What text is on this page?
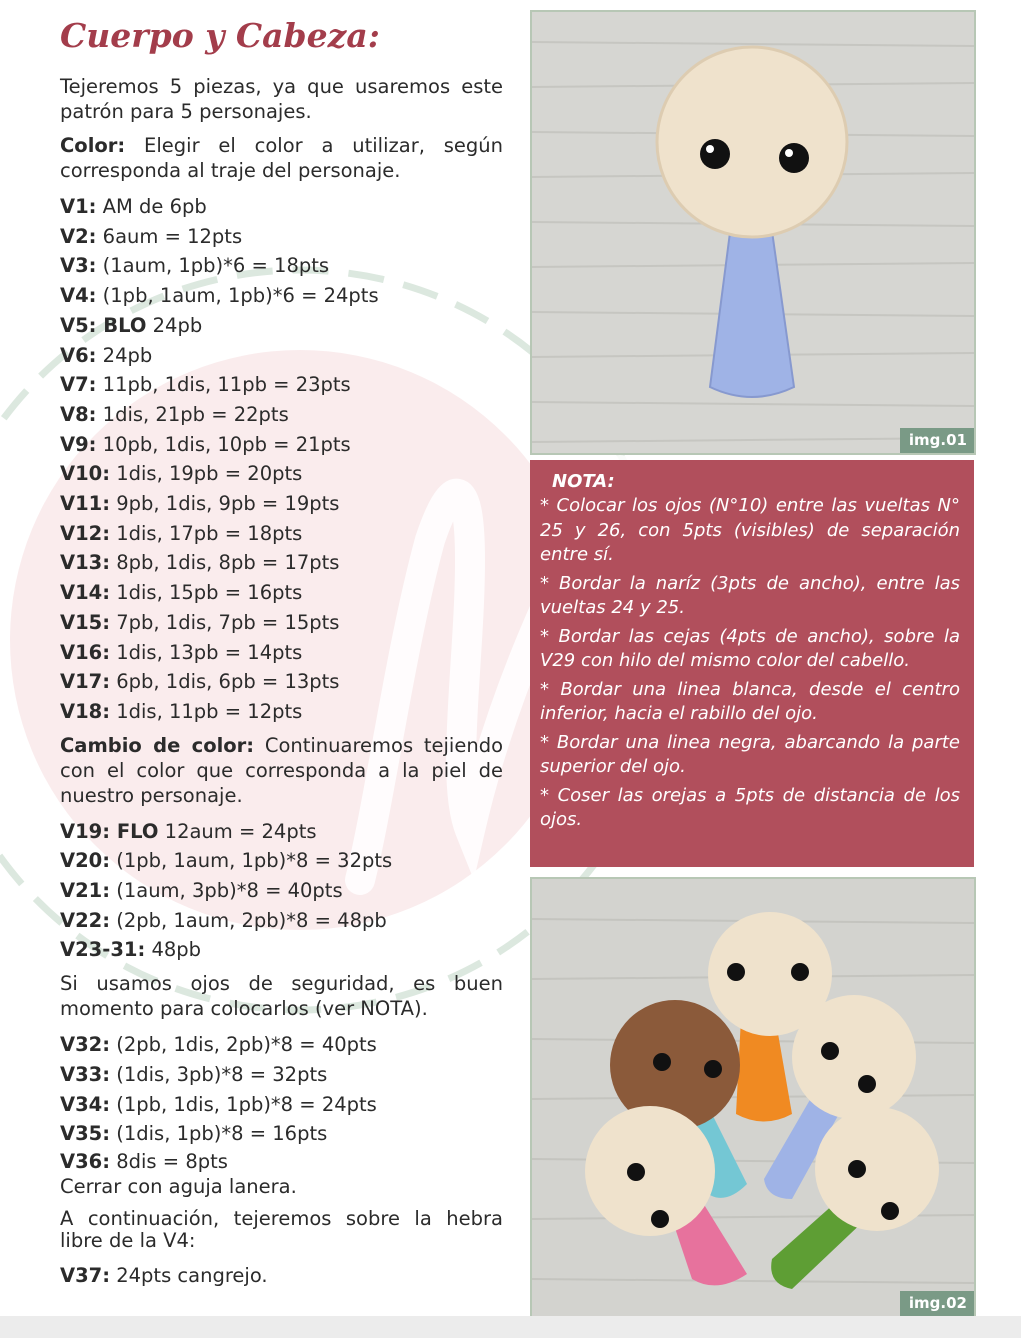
Cuerpo y Cabeza:

Tejeremos 5 piezas, ya que usaremos este patrón para 5 personajes.

Color: Elegir el color a utilizar, según corresponda al traje del personaje.

V1: AM de 6pb
V2: 6aum = 12pts
V3: (1aum, 1pb)*6 = 18pts
V4: (1pb, 1aum, 1pb)*6 = 24pts
V5: BLO 24pb
V6: 24pb
V7: 11pb, 1dis, 11pb = 23pts
V8: 1dis, 21pb = 22pts
V9: 10pb, 1dis, 10pb = 21pts
V10: 1dis, 19pb = 20pts
V11: 9pb, 1dis, 9pb = 19pts
V12: 1dis, 17pb = 18pts
V13: 8pb, 1dis, 8pb = 17pts
V14: 1dis, 15pb = 16pts
V15: 7pb, 1dis, 7pb = 15pts
V16: 1dis, 13pb = 14pts
V17: 6pb, 1dis, 6pb = 13pts
V18: 1dis, 11pb = 12pts

Cambio de color: Continuaremos tejiendo con el color que corresponda a la piel de nuestro personaje.

V19: FLO 12aum = 24pts
V20: (1pb, 1aum, 1pb)*8 = 32pts
V21: (1aum, 3pb)*8 = 40pts
V22: (2pb, 1aum, 2pb)*8 = 48pb
V23-31: 48pb

Si usamos ojos de seguridad, es buen momento para colocarlos (ver NOTA).

V32: (2pb, 1dis, 2pb)*8 = 40pts
V33: (1dis, 3pb)*8 = 32pts
V34: (1pb, 1dis, 1pb)*8 = 24pts
V35: (1dis, 1pb)*8 = 16pts
V36: 8dis = 8pts

Cerrar con aguja lanera.

A continuación, tejeremos sobre la hebra libre de la V4:

V37: 24pts cangrejo.
img.01
NOTA:
* Colocar los ojos (N°10) entre las vueltas N° 25 y 26, con 5pts (visibles) de separación entre sí.
* Bordar la naríz (3pts de ancho), entre las vueltas 24 y 25.
* Bordar las cejas (4pts de ancho), sobre la V29 con hilo del mismo color del cabello.
* Bordar una linea blanca, desde el centro inferior, hacia el rabillo del ojo.
* Bordar una linea negra, abarcando la parte superior del ojo.
* Coser las orejas a 5pts de distancia de los ojos.
img.02
